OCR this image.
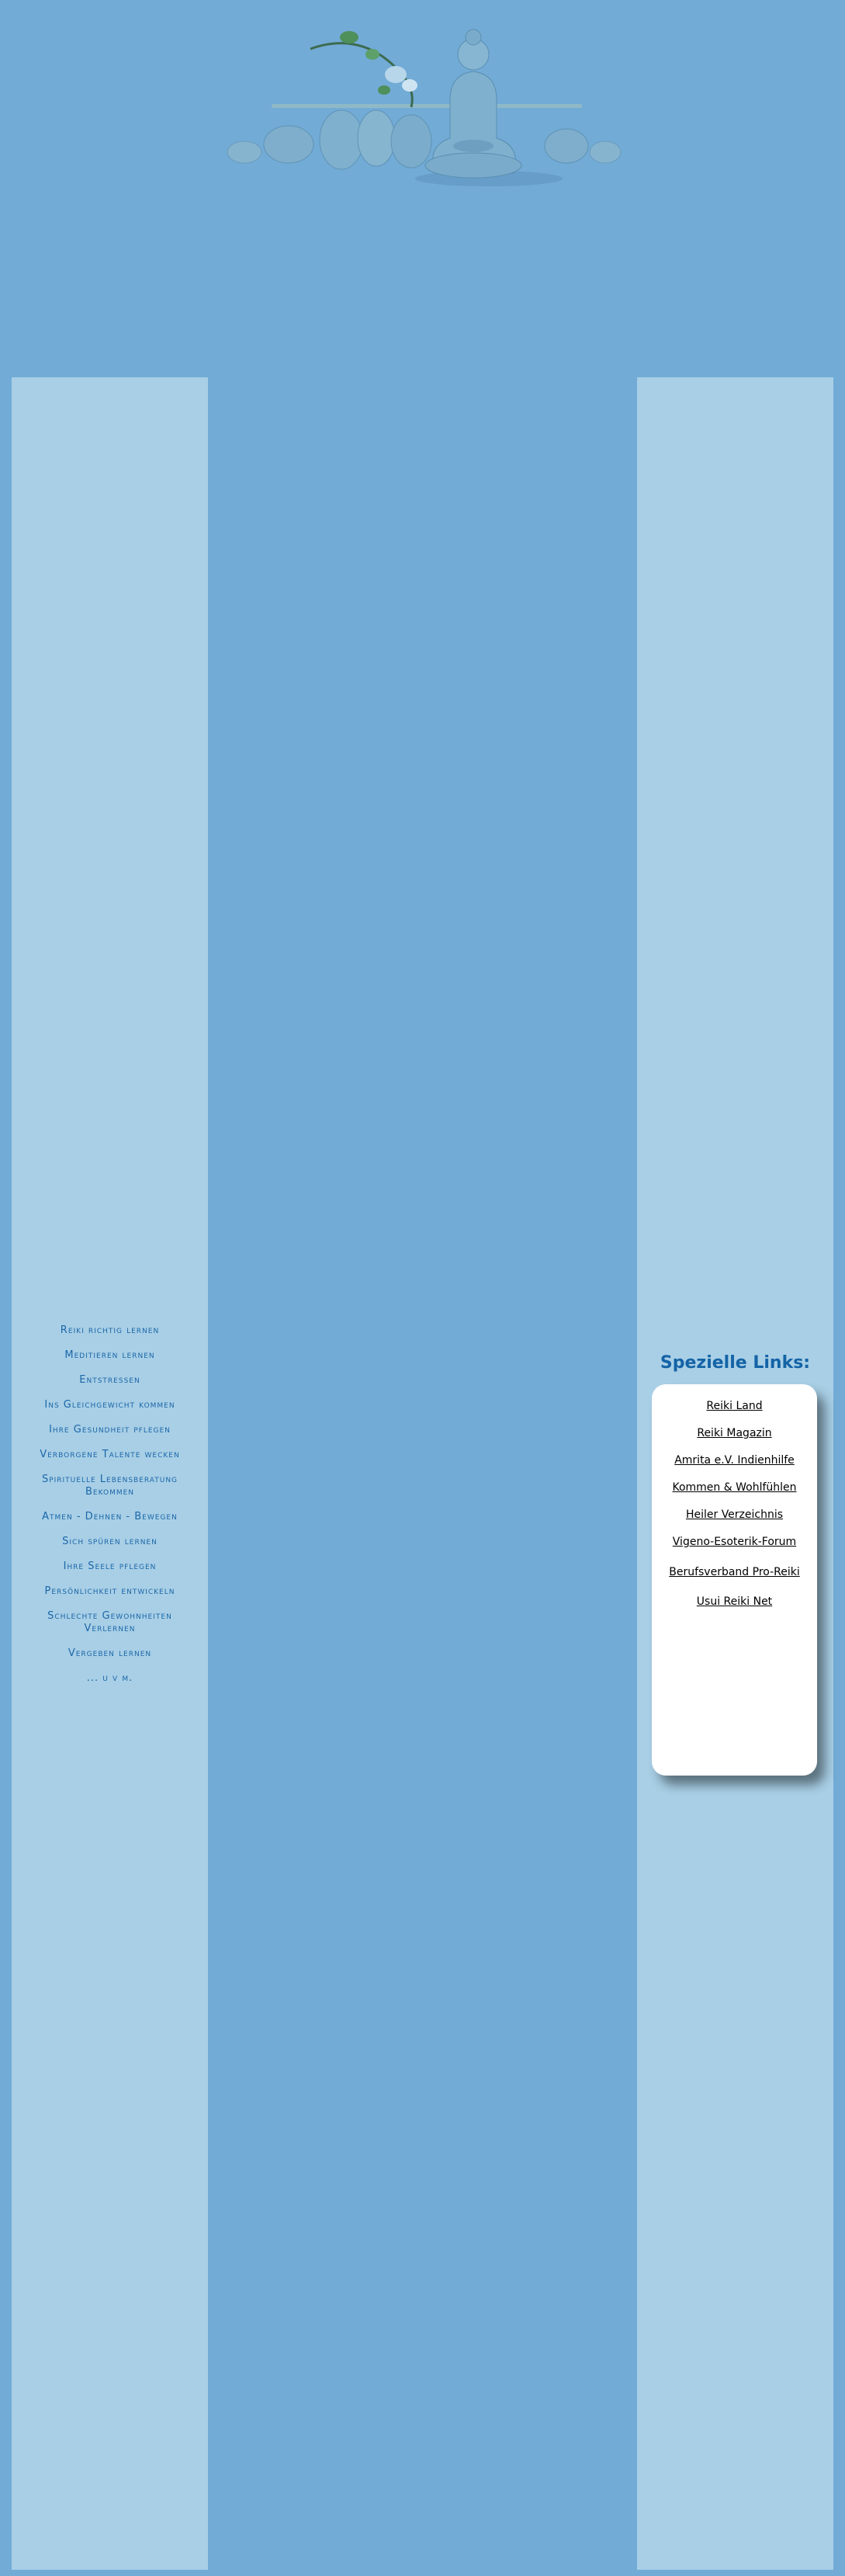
Reiki richtig lernen
Meditieren lernen
Entstressen
Ins Gleichgewicht kommen
Ihre Gesundheit pflegen
Verborgene Talente wecken
Spirituelle Lebensberatung Bekommen
Atmen - Dehnen - Bewegen
Sich spüren lernen
Ihre Seele pflegen
Persönlichkeit entwickeln
Schlechte Gewohnheiten Verlernen
Vergeben lernen
... u v m.
Spezielle Links:
Reiki Land
Reiki Magazin
Amrita e.V. Indienhilfe
Kommen & Wohlfühlen
Heiler Verzeichnis
Vigeno-Esoterik-Forum
Berufsverband Pro-Reiki
Usui Reiki Net
